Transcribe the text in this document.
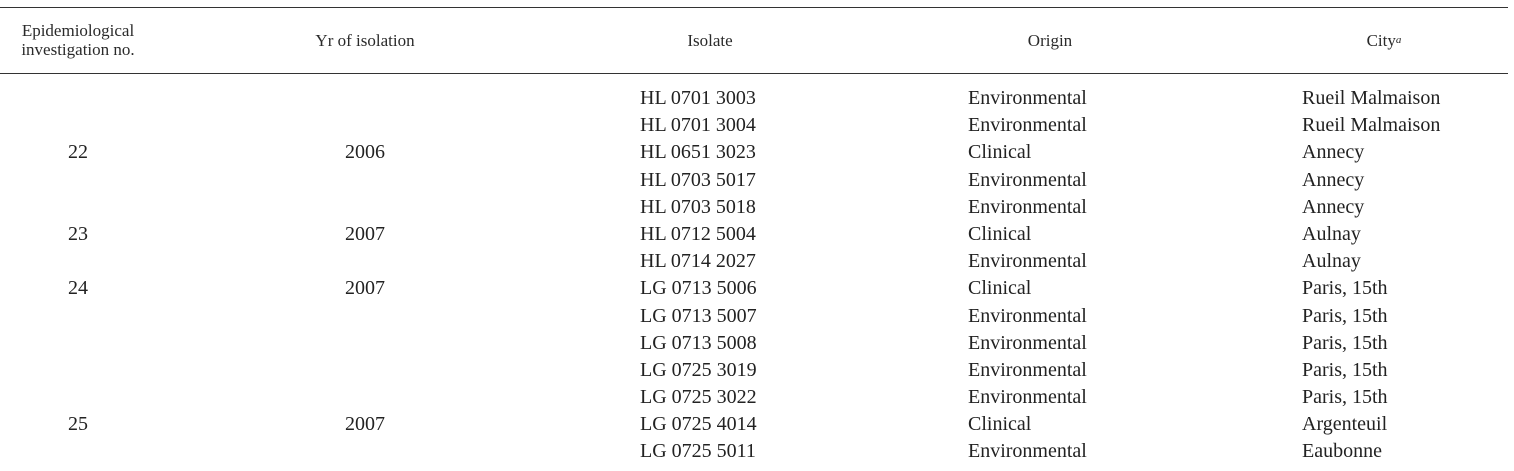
Epidemiological investigation no.	Yr of isolation	Isolate	Origin	City a
HL 0701 3003	Environmental	Rueil Malmaison
HL 0701 3004	Environmental	Rueil Malmaison
22	2006	HL 0651 3023	Clinical	Annecy
HL 0703 5017	Environmental	Annecy
HL 0703 5018	Environmental	Annecy
23	2007	HL 0712 5004	Clinical	Aulnay
HL 0714 2027	Environmental	Aulnay
24	2007	LG 0713 5006	Clinical	Paris, 15th
LG 0713 5007	Environmental	Paris, 15th
LG 0713 5008	Environmental	Paris, 15th
LG 0725 3019	Environmental	Paris, 15th
LG 0725 3022	Environmental	Paris, 15th
25	2007	LG 0725 4014	Clinical	Argenteuil
LG 0725 5011	Environmental	Eaubonne
